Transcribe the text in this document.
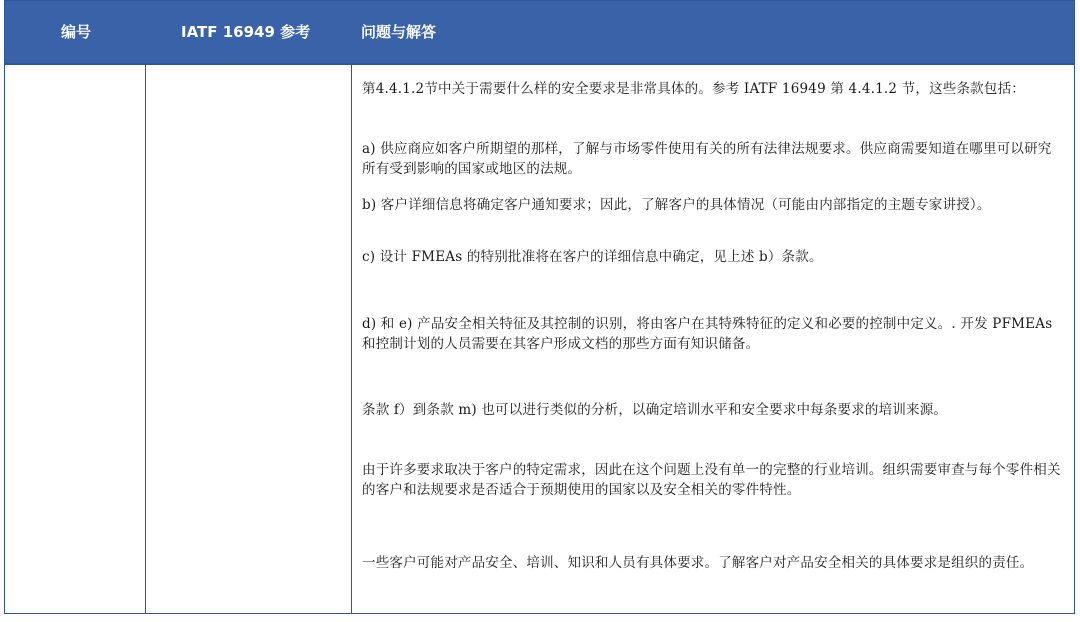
编号	IATF 16949 参考	问题与解答
第4.4.1.2节中关于需要什么样的安全要求是非常具体的。参考 IATF 16949 第 4.4.1.2 节，这些条款包括：
a) 供应商应如客户所期望的那样，了解与市场零件使用有关的所有法律法规要求。供应商需要知道在哪里可以研究所有受到影响的国家或地区的法规。
b) 客户详细信息将确定客户通知要求；因此，了解客户的具体情况（可能由内部指定的主题专家讲授）。
c) 设计 FMEAs 的特别批准将在客户的详细信息中确定，见上述 b）条款。
d) 和 e) 产品安全相关特征及其控制的识别，将由客户在其特殊特征的定义和必要的控制中定义。. 开发 PFMEAs 和控制计划的人员需要在其客户形成文档的那些方面有知识储备。
条款 f）到条款 m) 也可以进行类似的分析，以确定培训水平和安全要求中每条要求的培训来源。
由于许多要求取决于客户的特定需求，因此在这个问题上没有单一的完整的行业培训。组织需要审查与每个零件相关的客户和法规要求是否适合于预期使用的国家以及安全相关的零件特性。
一些客户可能对产品安全、培训、知识和人员有具体要求。了解客户对产品安全相关的具体要求是组织的责任。
